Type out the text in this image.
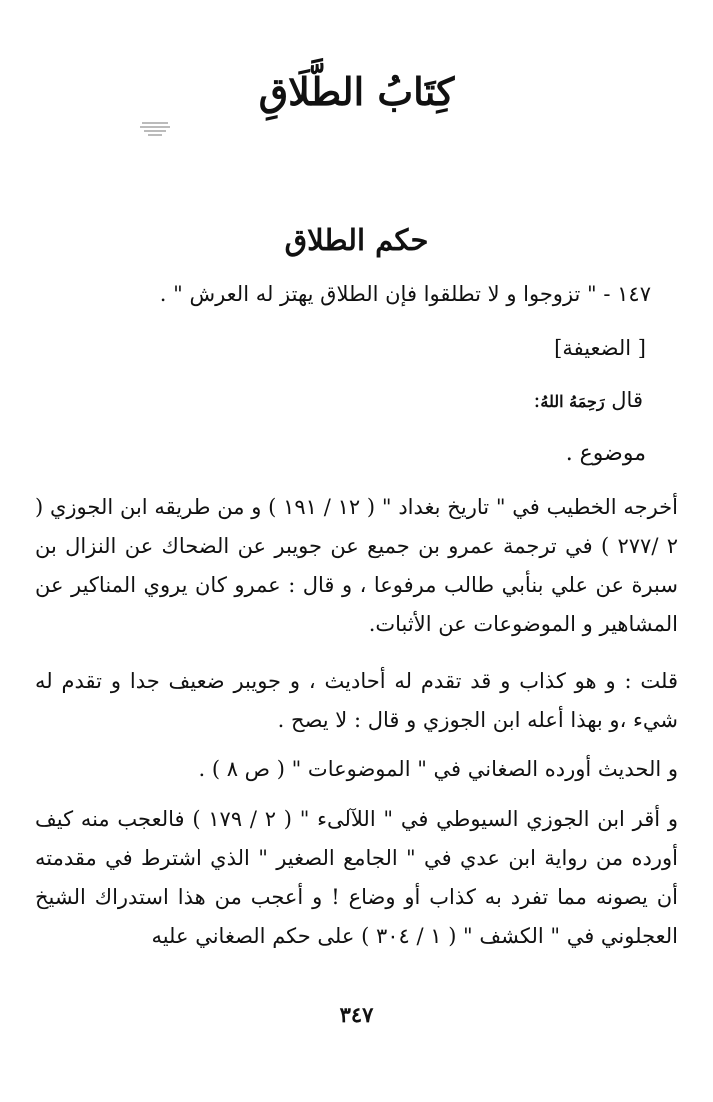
كِتَابُ الطَّلَاقِ
حكم الطلاق
١٤٧ - " تزوجوا و لا تطلقوا فإن الطلاق يهتز له العرش " .
[ الضعيفة]
قال رَحِمَهُ اللهُ:
موضوع .

أخرجه الخطيب في " تاريخ بغداد " ( ١٢ / ١٩١ ) و من طريقه ابن الجوزي ( ٢ /٢٧٧ ) في ترجمة عمرو بن جميع عن جويبر عن الضحاك عن النزال بن سبرة عن علي بنأبي طالب مرفوعا ، و قال : عمرو كان يروي المناكير عن المشاهير و الموضوعات عن الأثبات.

قلت : و هو كذاب و قد تقدم له أحاديث ، و جويبر ضعيف جدا و تقدم له شيء ،و بهذا أعله ابن الجوزي و قال : لا يصح .

و الحديث أورده الصغاني في " الموضوعات " ( ص ٨ ) .

و أقر ابن الجوزي السيوطي في " اللآلىء " ( ٢ / ١٧٩ ) فالعجب منه كيف أورده من رواية ابن عدي في " الجامع الصغير " الذي اشترط في مقدمته أن يصونه مما تفرد به كذاب أو وضاع ! و أعجب من هذا استدراك الشيخ العجلوني في " الكشف " ( ١ / ٣٠٤ ) على حكم الصغاني عليه

٣٤٧
